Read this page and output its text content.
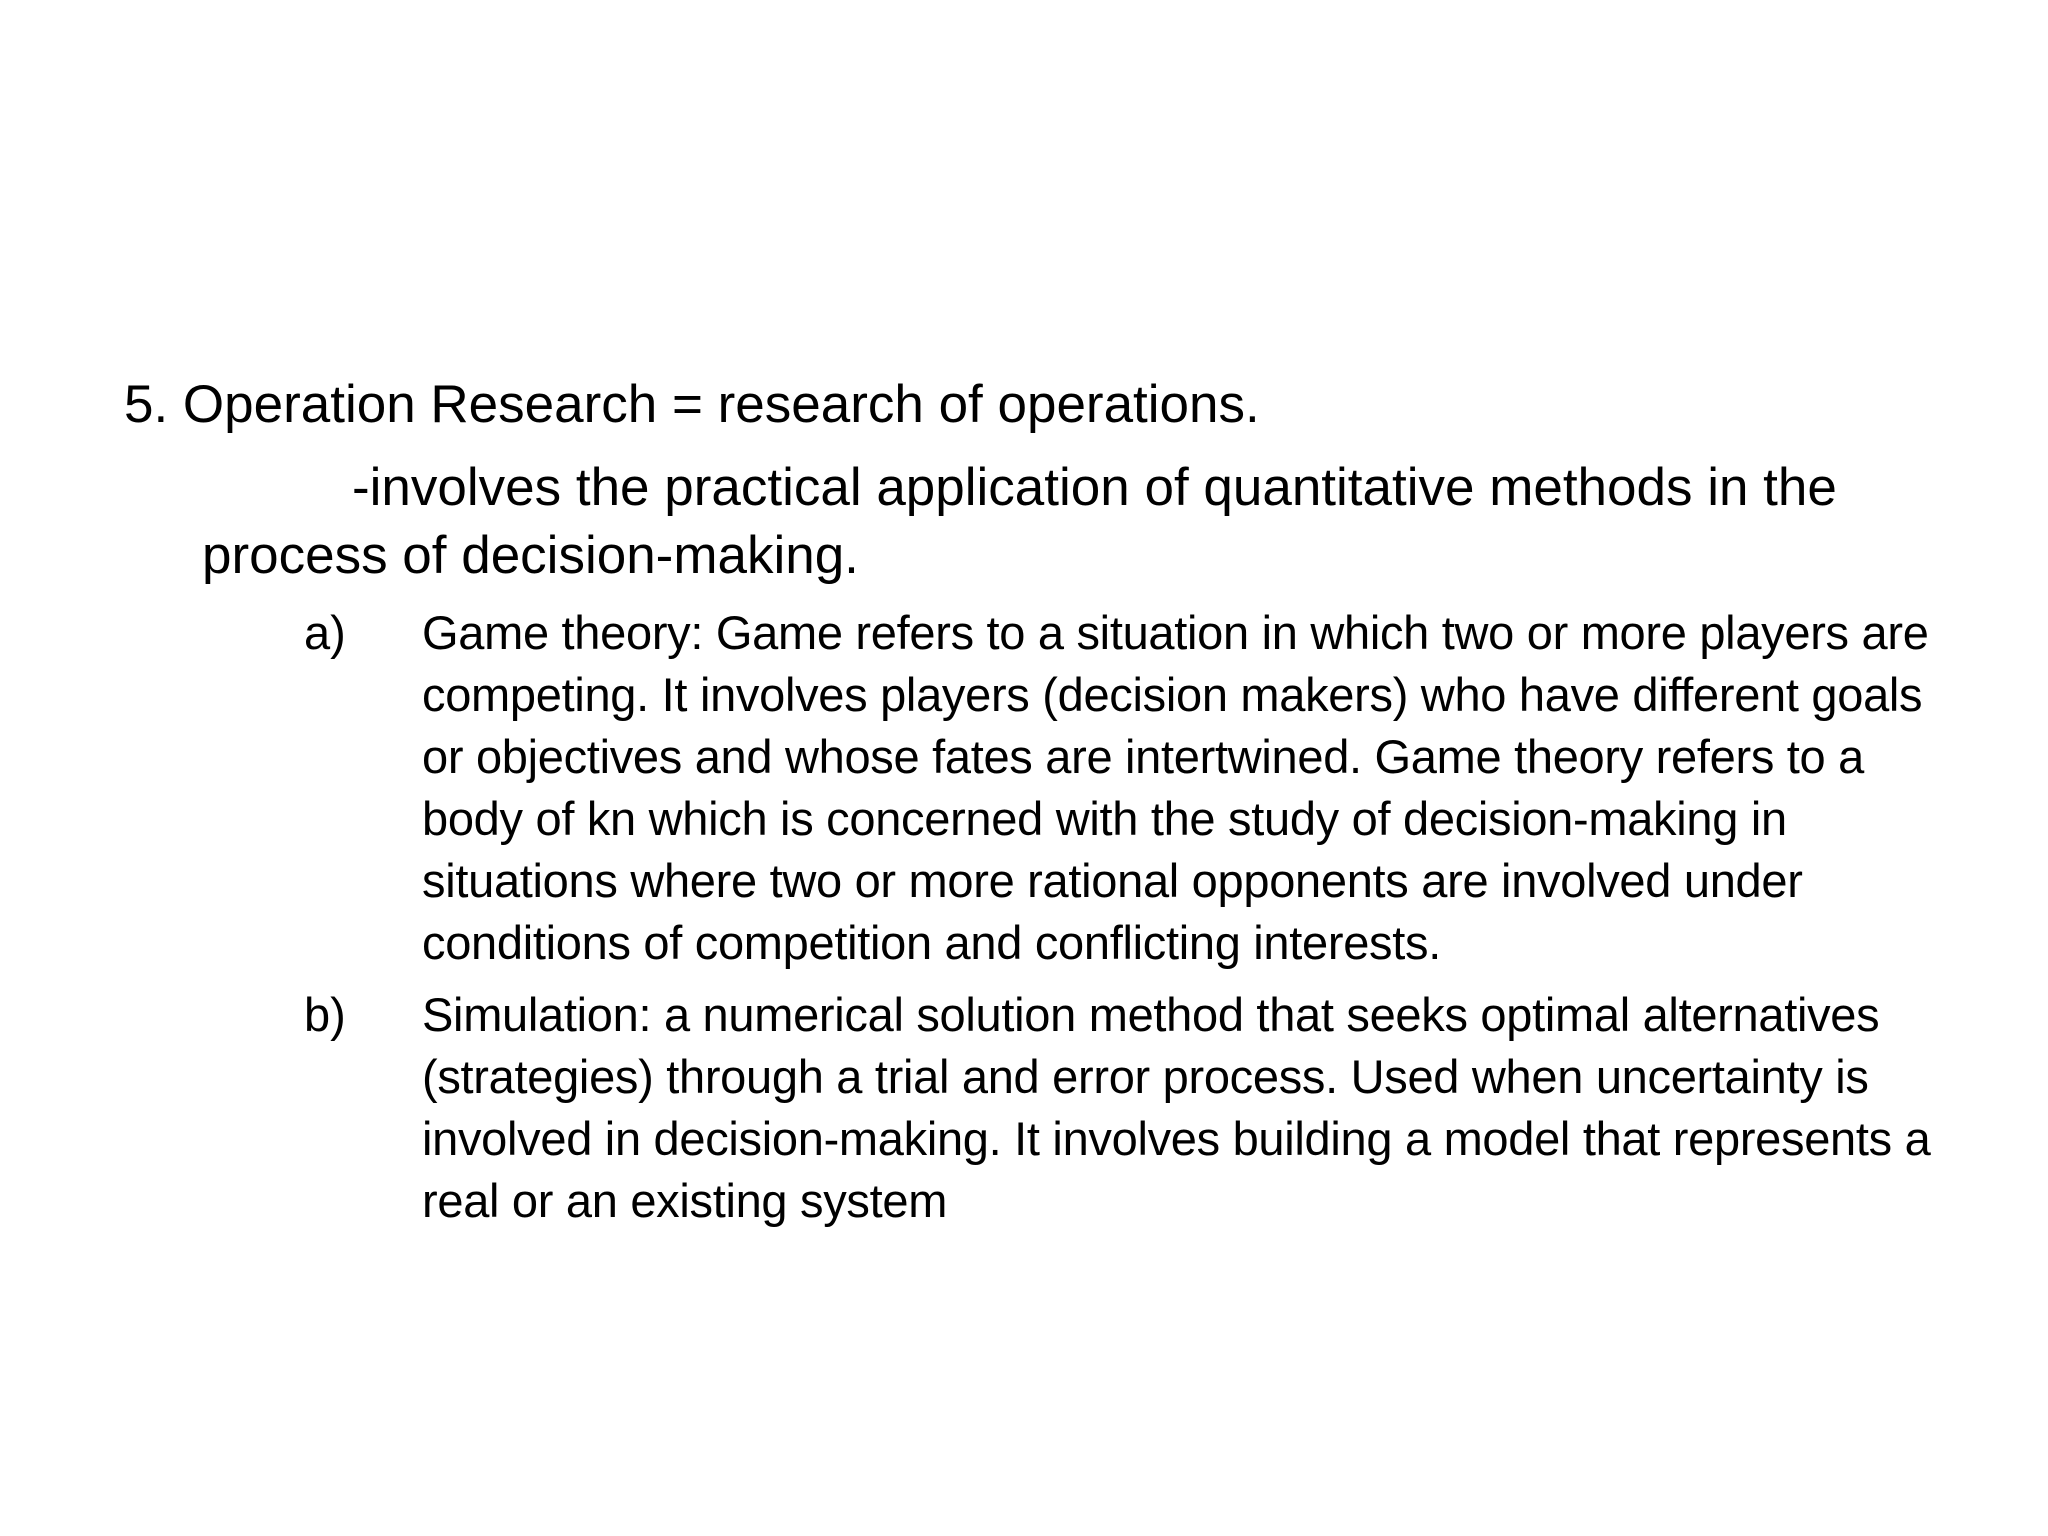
5. Operation Research = research of operations.

-involves the practical application of quantitative methods in the process of decision-making.

a)	Game theory: Game refers to a situation in which two or more players are competing. It involves players (decision makers) who have different goals or objectives and whose fates are intertwined. Game theory refers to a body of kn which is concerned with the study of decision-making in situations where two or more rational opponents are involved under conditions of competition and conflicting interests.
b)	Simulation: a numerical solution method that seeks optimal alternatives (strategies) through a trial and error process. Used when uncertainty is involved in decision-making. It involves building a model that represents a real or an existing system
